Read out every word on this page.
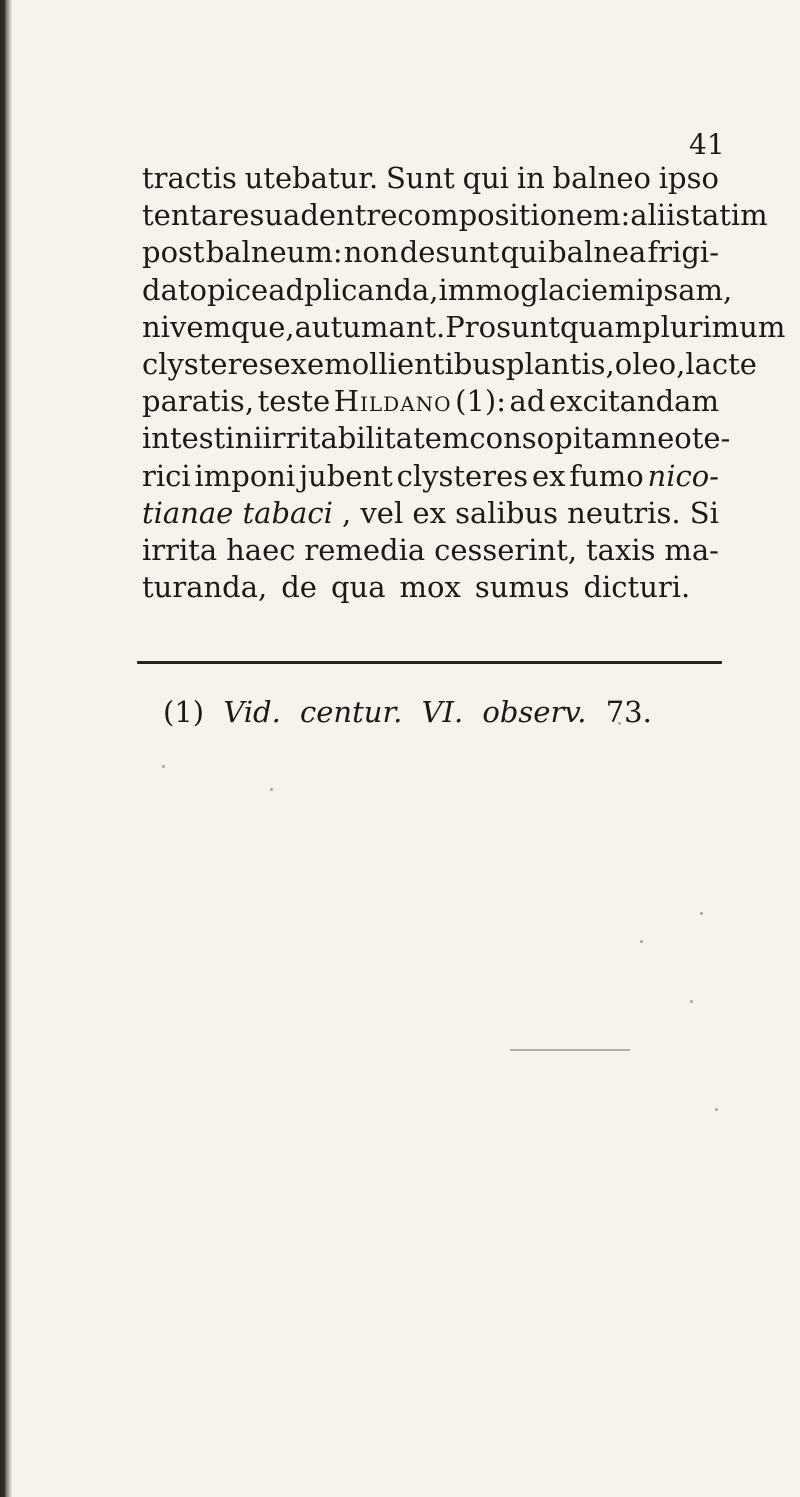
41
tractis utebatur. Sunt qui in balneo ipso
tentare suadent recompositionem: alii statim
post balneum: non desunt qui balnea frigi-
da topice adplicanda, immo glaciem ipsam,
nivemque, autumant. Prosunt quamplurimum
clysteres ex emollientibus plantis, oleo, lacte
paratis, teste Hildano (1): ad excitandam
intestini irritabilitatem consopitam neote-
rici imponi jubent clysteres ex fumo nico-
tianae tabaci , vel ex salibus neutris. Si
irrita haec remedia cesserint, taxis ma-
turanda, de qua mox sumus dicturi.
(1) Vid. centur. VI. observ. 73.
